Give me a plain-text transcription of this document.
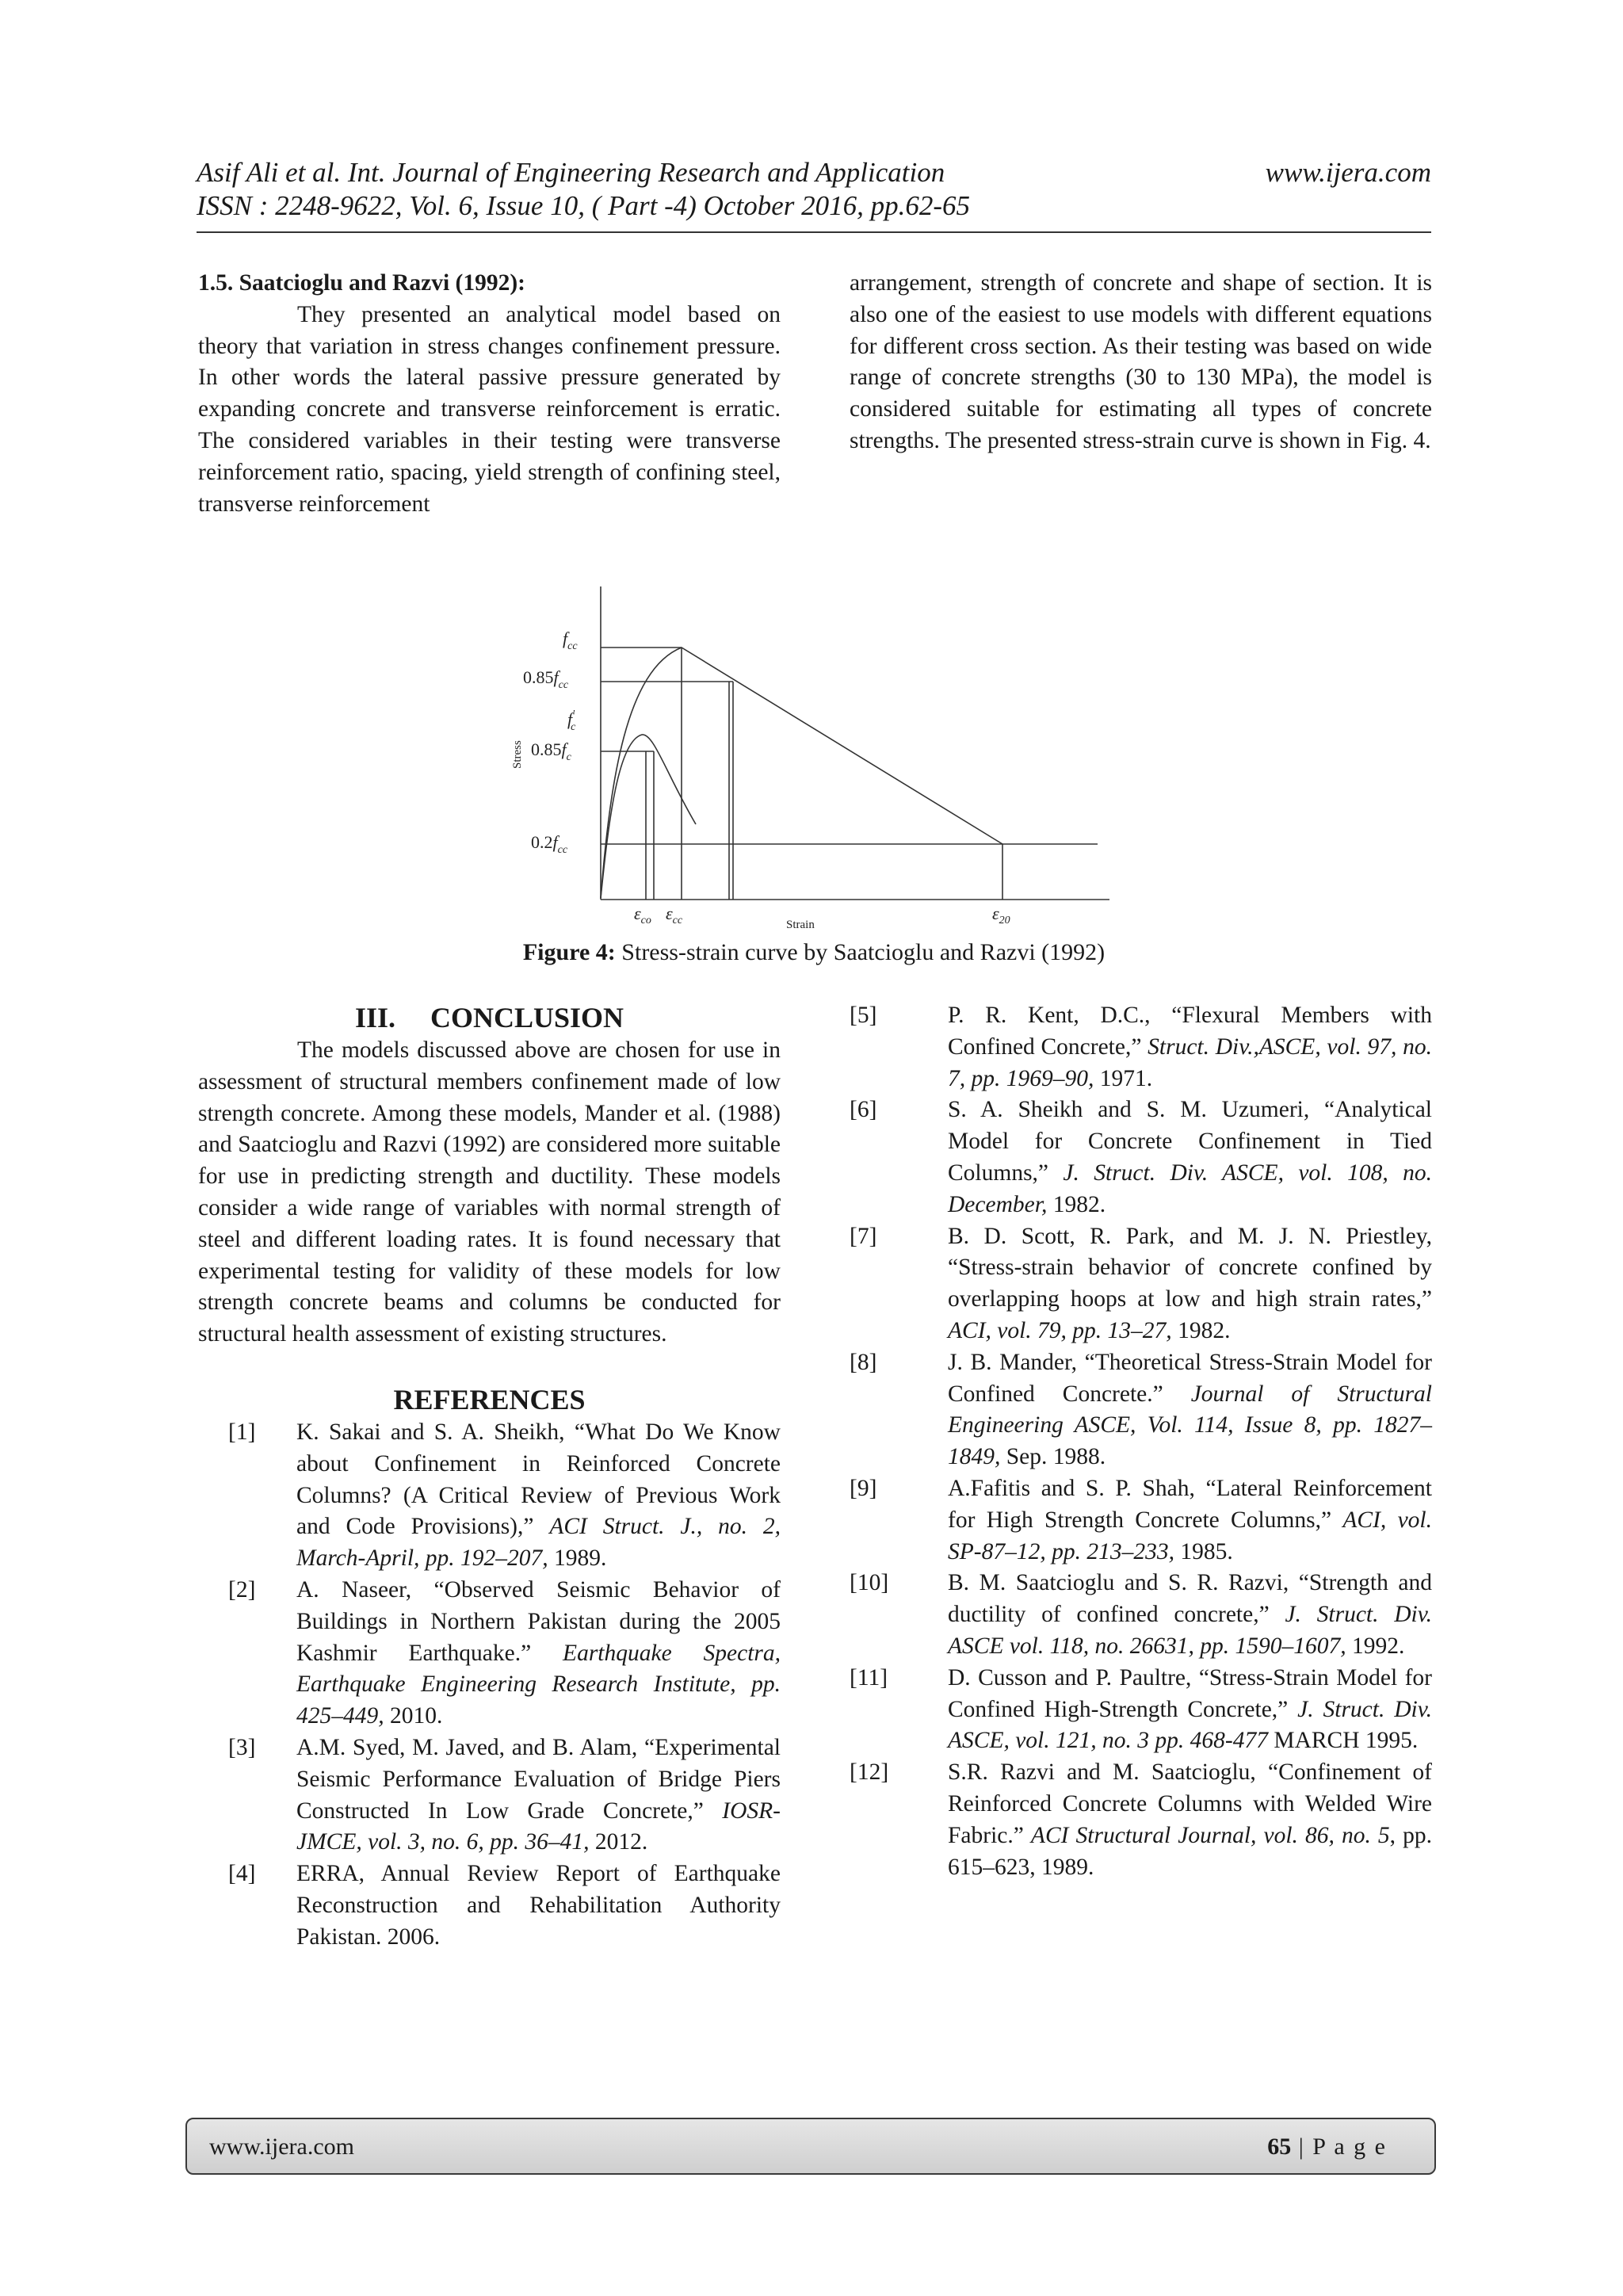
Asif Ali et al. Int. Journal of Engineering Research and Application	www.ijera.com
ISSN : 2248-9622, Vol. 6, Issue 10, ( Part -4) October 2016, pp.62-65

1.5. Saatcioglu and Razvi (1992):

They presented an analytical model based on theory that variation in stress changes confinement pressure. In other words the lateral passive pressure generated by expanding concrete and transverse reinforcement is erratic. The considered variables in their testing were transverse reinforcement ratio, spacing, yield strength of confining steel, transverse reinforcement

arrangement, strength of concrete and shape of section. It is also one of the easiest to use models with different equations for different cross section. As their testing was based on wide range of concrete strengths (30 to 130 MPa), the model is considered suitable for estimating all types of concrete strengths. The presented stress-strain curve is shown in Fig. 4.

$f_{cc}$
$0.85f_{cc}$
f' c
$0.85f_c$
$0.2f_{cc}$
Stress
$\varepsilon_{co}$ $\varepsilon_{cc}$	$\varepsilon_{20}$
Strain
Figure 4: Stress-strain curve by Saatcioglu and Razvi (1992)
III. CONCLUSION

The models discussed above are chosen for use in assessment of structural members confinement made of low strength concrete. Among these models, Mander et al. (1988) and Saatcioglu and Razvi (1992) are considered more suitable for use in predicting strength and ductility. These models consider a wide range of variables with normal strength of steel and different loading rates. It is found necessary that experimental testing for validity of these models for low strength concrete beams and columns be conducted for structural health assessment of existing structures.

REFERENCES
[1] K. Sakai and S. A. Sheikh, “What Do We Know about Confinement in Reinforced Concrete Columns? (A Critical Review of Previous Work and Code Provisions),” ACI Struct. J., no. 2, March-April, pp. 192–207, 1989.
[2] A. Naseer, “Observed Seismic Behavior of Buildings in Northern Pakistan during the 2005 Kashmir Earthquake.” Earthquake Spectra, Earthquake Engineering Research Institute, pp. 425–449, 2010.
[3] A.M. Syed, M. Javed, and B. Alam, “Experimental Seismic Performance Evaluation of Bridge Piers Constructed In Low Grade Concrete,” IOSR-JMCE, vol. 3, no. 6, pp. 36–41, 2012.
[4] ERRA, Annual Review Report of Earthquake Reconstruction and Rehabilitation Authority Pakistan. 2006.
[5]	P. R. Kent, D.C., “Flexural Members with Confined Concrete,” Struct. Div.,ASCE, vol. 97, no. 7, pp. 1969–90, 1971.
[6]	S. A. Sheikh and S. M. Uzumeri, “Analytical Model for Concrete Confinement in Tied Columns,” J. Struct. Div. ASCE, vol. 108, no. December, 1982.
[7]	B. D. Scott, R. Park, and M. J. N. Priestley, “Stress-strain behavior of concrete confined by overlapping hoops at low and high strain rates,” ACI, vol. 79, pp. 13–27, 1982.
[8]	J. B. Mander, “Theoretical Stress-Strain Model for Confined Concrete.” Journal of Structural Engineering ASCE, Vol. 114, Issue 8, pp. 1827–1849, Sep. 1988.
[9]	A.Fafitis and S. P. Shah, “Lateral Reinforcement for High Strength Concrete Columns,” ACI, vol. SP-87–12, pp. 213–233, 1985.
[10]	B. M. Saatcioglu and S. R. Razvi, “Strength and ductility of confined concrete,” J. Struct. Div. ASCE vol. 118, no. 26631, pp. 1590–1607, 1992.
[11]	D. Cusson and P. Paultre, “Stress-Strain Model for Confined High-Strength Concrete,” J. Struct. Div. ASCE, vol. 121, no. 3 pp. 468-477 MARCH 1995.
[12]	S.R. Razvi and M. Saatcioglu, “Confinement of Reinforced Concrete Columns with Welded Wire Fabric.” ACI Structural Journal, vol. 86, no. 5, pp. 615–623, 1989.
www.ijera.com	65 | P a g e
